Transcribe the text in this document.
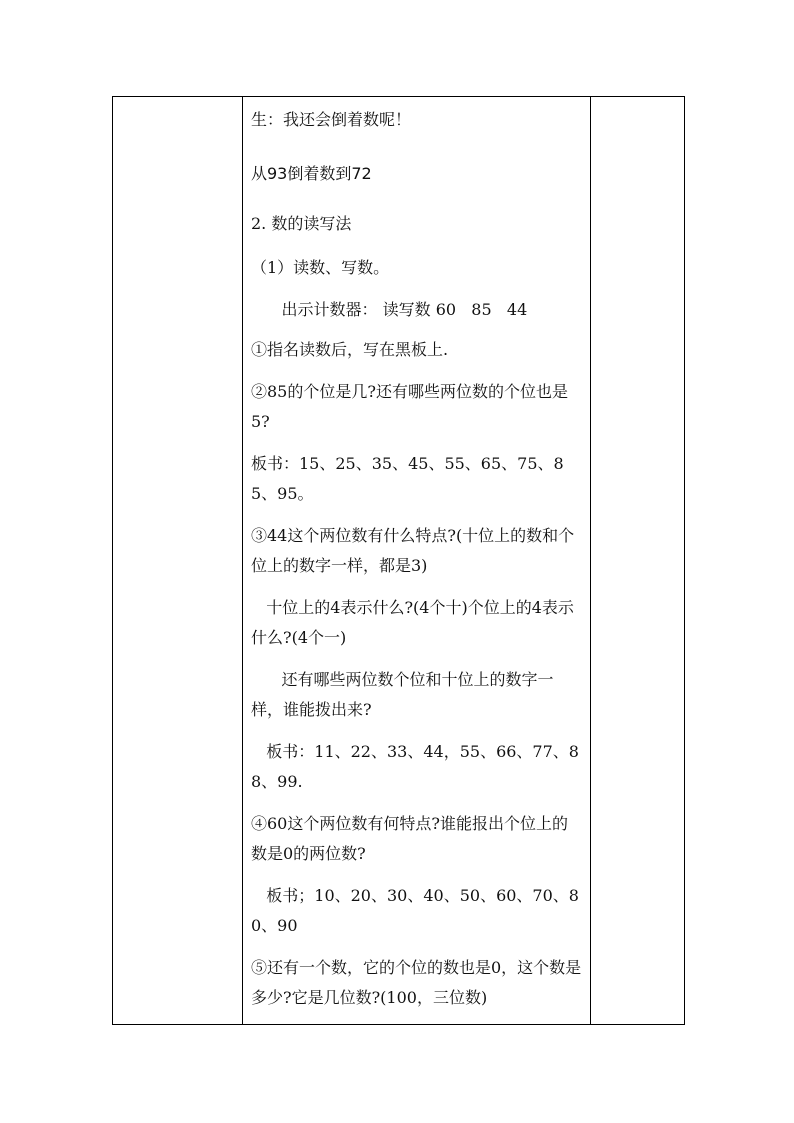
生：我还会倒着数呢！

从93倒着数到72

2. 数的读写法

（1）读数、写数。

出示计数器： 读写数 60   85   44

①指名读数后，写在黑板上.

②85的个位是几?还有哪些两位数的个位也是5?

板书：15、25、35、45、55、65、75、85、95。

③44这个两位数有什么特点?(十位上的数和个位上的数字一样，都是3)

十位上的4表示什么?(4个十)个位上的4表示什么?(4个一)

还有哪些两位数个位和十位上的数字一样，谁能拨出来?

板书：11、22、33、44，55、66、77、88、99.

④60这个两位数有何特点?谁能报出个位上的数是0的两位数?

板书；10、20、30、40、50、60、70、80、90

⑤还有一个数，它的个位的数也是0，这个数是多少?它是几位数?(100，三位数)
